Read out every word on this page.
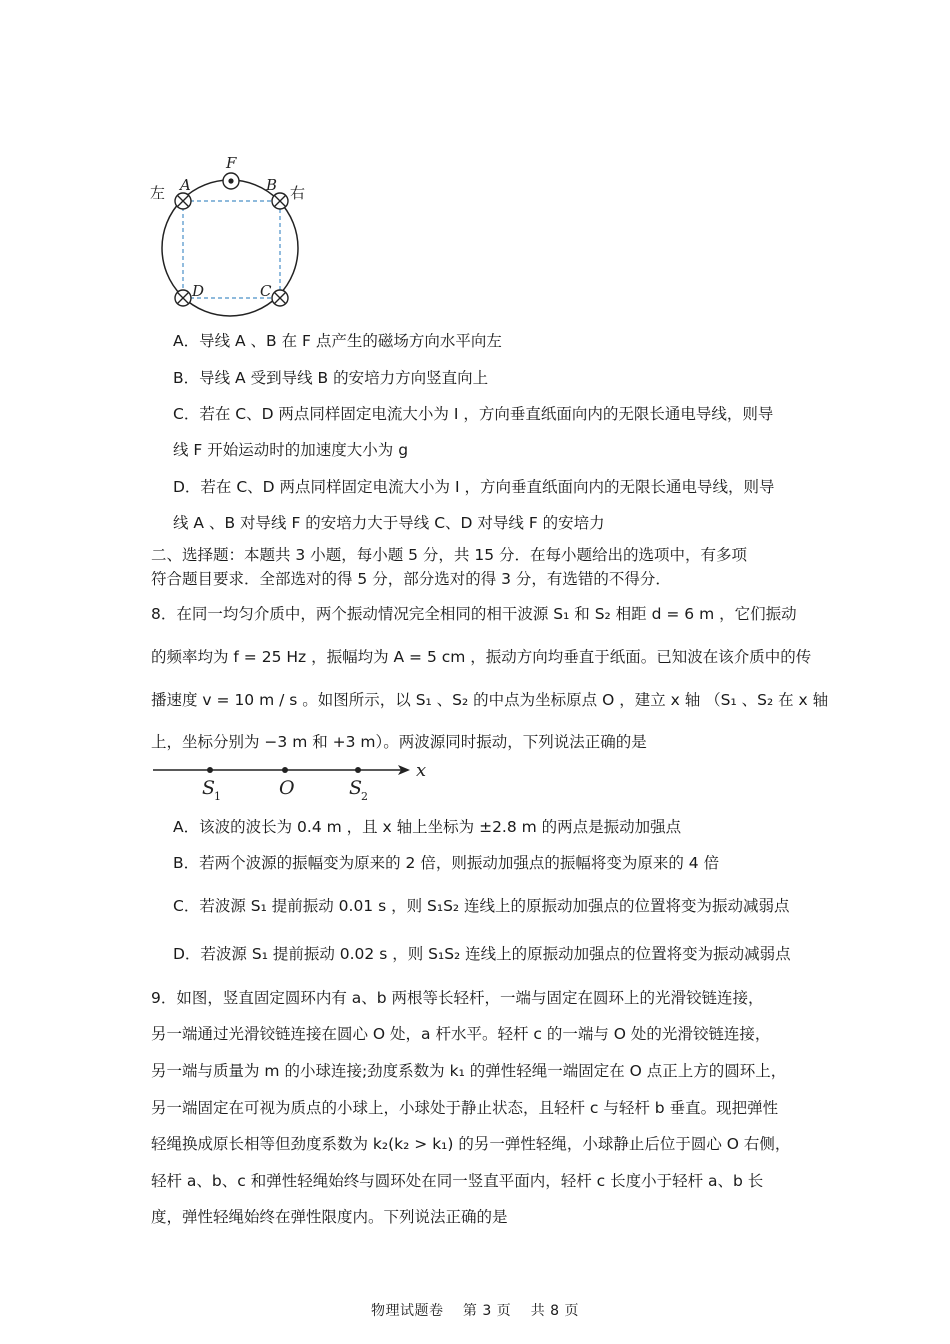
F
A	B
D	C
左	右
A．导线 A 、B 在 F 点产生的磁场方向水平向左
B．导线 A 受到导线 B 的安培力方向竖直向上
C．若在 C、D 两点同样固定电流大小为 I ，方向垂直纸面向内的无限长通电导线，则导
线 F 开始运动时的加速度大小为 g
D．若在 C、D 两点同样固定电流大小为 I ，方向垂直纸面向内的无限长通电导线，则导
线 A 、B 对导线 F 的安培力大于导线 C、D 对导线 F 的安培力
二、选择题：本题共 3 小题，每小题 5 分，共 15 分．在每小题给出的选项中，有多项
符合题目要求．全部选对的得 5 分，部分选对的得 3 分，有选错的不得分．
8．在同一均匀介质中，两个振动情况完全相同的相干波源 S₁ 和 S₂ 相距 d = 6 m ，它们振动
的频率均为 f = 25 Hz ，振幅均为 A = 5 cm ，振动方向均垂直于纸面。已知波在该介质中的传
播速度 v = 10 m / s 。如图所示，以 S₁ 、S₂ 的中点为坐标原点 O ，建立 x 轴 （S₁ 、S₂ 在 x 轴
上，坐标分别为 −3 m 和 +3 m）。两波源同时振动，下列说法正确的是
S
1	O	S
2
x
A．该波的波长为 0.4 m ，且 x 轴上坐标为 ±2.8 m 的两点是振动加强点
B．若两个波源的振幅变为原来的 2 倍，则振动加强点的振幅将变为原来的 4 倍
C．若波源 S₁ 提前振动 0.01 s ，则 S₁S₂ 连线上的原振动加强点的位置将变为振动减弱点
D．若波源 S₁ 提前振动 0.02 s ，则 S₁S₂ 连线上的原振动加强点的位置将变为振动减弱点
9．如图，竖直固定圆环内有 a、b 两根等长轻杆，一端与固定在圆环上的光滑铰链连接，
另一端通过光滑铰链连接在圆心 O 处，a 杆水平。轻杆 c 的一端与 O 处的光滑铰链连接，
另一端与质量为 m 的小球连接;劲度系数为 k₁ 的弹性轻绳一端固定在 O 点正上方的圆环上，
另一端固定在可视为质点的小球上，小球处于静止状态，且轻杆 c 与轻杆 b 垂直。现把弹性
轻绳换成原长相等但劲度系数为 k₂(k₂ > k₁) 的另一弹性轻绳，小球静止后位于圆心 O 右侧，
轻杆 a、b、c 和弹性轻绳始终与圆环处在同一竖直平面内，轻杆 c 长度小于轻杆 a、b 长
度，弹性轻绳始终在弹性限度内。下列说法正确的是
物理试题卷　 第 3 页　 共 8 页
